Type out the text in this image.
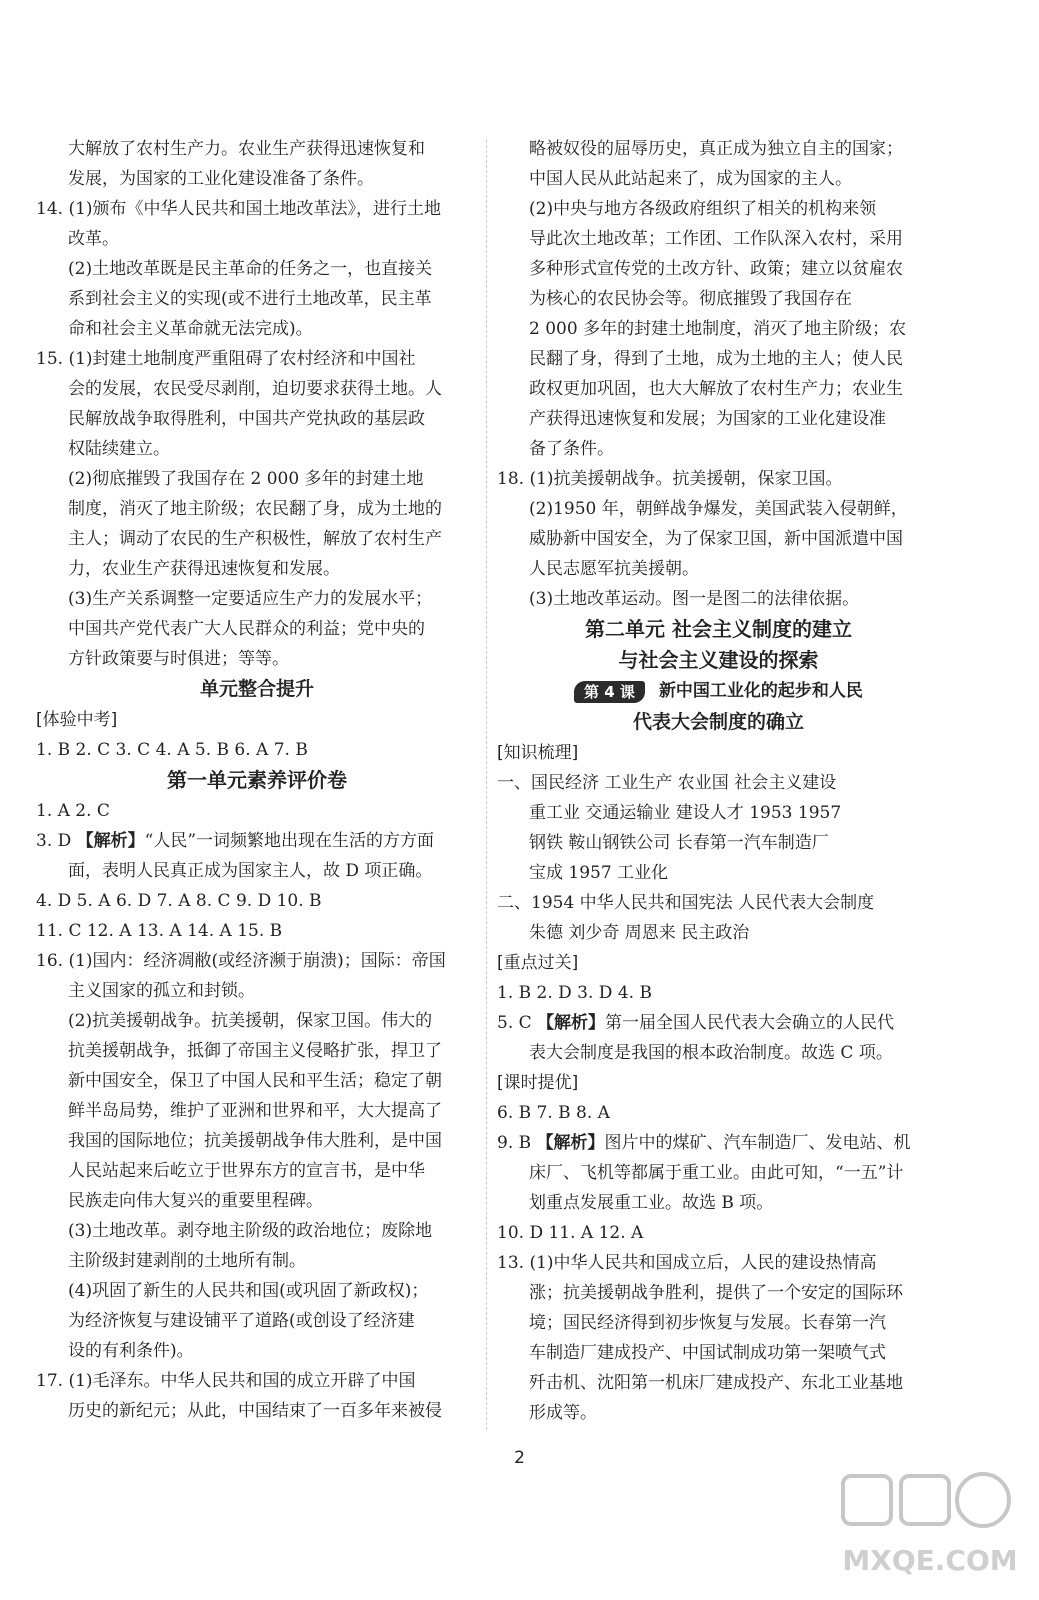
大解放了农村生产力。农业生产获得迅速恢复和
发展，为国家的工业化建设准备了条件。
14. (1)颁布《中华人民共和国土地改革法》，进行土地
改革。
(2)土地改革既是民主革命的任务之一，也直接关
系到社会主义的实现(或不进行土地改革，民主革
命和社会主义革命就无法完成)。
15. (1)封建土地制度严重阻碍了农村经济和中国社
会的发展，农民受尽剥削，迫切要求获得土地。人
民解放战争取得胜利，中国共产党执政的基层政
权陆续建立。
(2)彻底摧毁了我国存在 2 000 多年的封建土地
制度，消灭了地主阶级；农民翻了身，成为土地的
主人；调动了农民的生产积极性，解放了农村生产
力，农业生产获得迅速恢复和发展。
(3)生产关系调整一定要适应生产力的发展水平；
中国共产党代表广大人民群众的利益；党中央的
方针政策要与时俱进；等等。
单元整合提升
[体验中考]
1. B 2. C 3. C 4. A 5. B 6. A 7. B
第一单元素养评价卷
1. A 2. C
3. D 【解析】“人民”一词频繁地出现在生活的方方面
面，表明人民真正成为国家主人，故 D 项正确。
4. D 5. A 6. D 7. A 8. C 9. D 10. B
11. C 12. A 13. A 14. A 15. B
16. (1)国内：经济凋敝(或经济濒于崩溃)；国际：帝国
主义国家的孤立和封锁。
(2)抗美援朝战争。抗美援朝，保家卫国。伟大的
抗美援朝战争，抵御了帝国主义侵略扩张，捍卫了
新中国安全，保卫了中国人民和平生活；稳定了朝
鲜半岛局势，维护了亚洲和世界和平，大大提高了
我国的国际地位；抗美援朝战争伟大胜利，是中国
人民站起来后屹立于世界东方的宣言书，是中华
民族走向伟大复兴的重要里程碑。
(3)土地改革。剥夺地主阶级的政治地位；废除地
主阶级封建剥削的土地所有制。
(4)巩固了新生的人民共和国(或巩固了新政权)；
为经济恢复与建设铺平了道路(或创设了经济建
设的有利条件)。
17. (1)毛泽东。中华人民共和国的成立开辟了中国
历史的新纪元；从此，中国结束了一百多年来被侵
略被奴役的屈辱历史，真正成为独立自主的国家；
中国人民从此站起来了，成为国家的主人。
(2)中央与地方各级政府组织了相关的机构来领
导此次土地改革；工作团、工作队深入农村，采用
多种形式宣传党的土改方针、政策；建立以贫雇农
为核心的农民协会等。彻底摧毁了我国存在
2 000 多年的封建土地制度，消灭了地主阶级；农
民翻了身，得到了土地，成为土地的主人；使人民
政权更加巩固，也大大解放了农村生产力；农业生
产获得迅速恢复和发展；为国家的工业化建设准
备了条件。
18. (1)抗美援朝战争。抗美援朝，保家卫国。
(2)1950 年，朝鲜战争爆发，美国武装入侵朝鲜，
威胁新中国安全，为了保家卫国，新中国派遣中国
人民志愿军抗美援朝。
(3)土地改革运动。图一是图二的法律依据。
第二单元 社会主义制度的建立
与社会主义建设的探索
第 4 课	新中国工业化的起步和人民
代表大会制度的确立
[知识梳理]
一、国民经济 工业生产 农业国 社会主义建设
重工业 交通运输业 建设人才 1953 1957
钢铁 鞍山钢铁公司 长春第一汽车制造厂
宝成 1957 工业化
二、1954 中华人民共和国宪法 人民代表大会制度
朱德 刘少奇 周恩来 民主政治
[重点过关]
1. B 2. D 3. D 4. B
5. C 【解析】第一届全国人民代表大会确立的人民代
表大会制度是我国的根本政治制度。故选 C 项。
[课时提优]
6. B 7. B 8. A
9. B 【解析】图片中的煤矿、汽车制造厂、发电站、机
床厂、飞机等都属于重工业。由此可知，“一五”计
划重点发展重工业。故选 B 项。
10. D 11. A 12. A
13. (1)中华人民共和国成立后，人民的建设热情高
涨；抗美援朝战争胜利，提供了一个安定的国际环
境；国民经济得到初步恢复与发展。长春第一汽
车制造厂建成投产、中国试制成功第一架喷气式
歼击机、沈阳第一机床厂建成投产、东北工业基地
形成等。
2
MXQE.COM
